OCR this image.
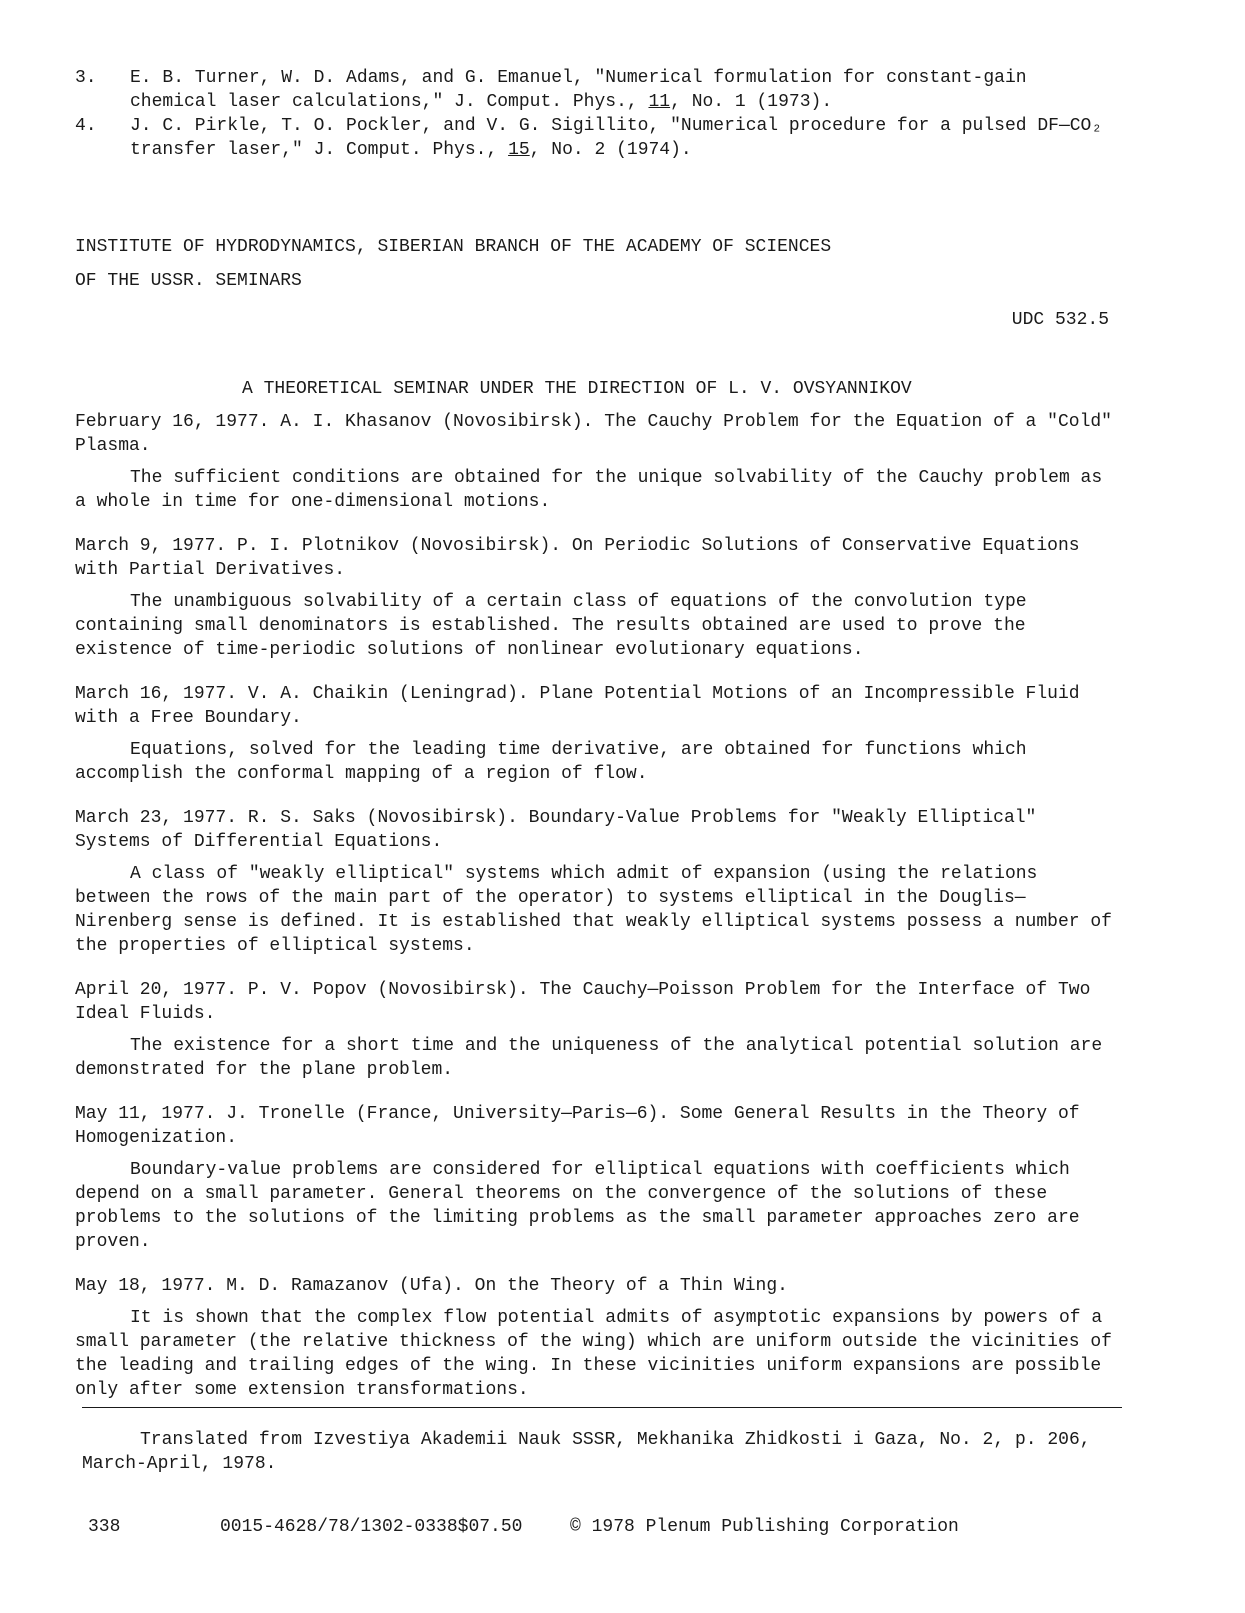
3. E. B. Turner, W. D. Adams, and G. Emanuel, "Numerical formulation for constant-gain chemical laser calculations," J. Comput. Phys., 11, No. 1 (1973).

4. J. C. Pirkle, T. O. Pockler, and V. G. Sigillito, "Numerical procedure for a pulsed DF—CO₂ transfer laser," J. Comput. Phys., 15, No. 2 (1974).

INSTITUTE OF HYDRODYNAMICS, SIBERIAN BRANCH OF THE ACADEMY OF SCIENCES
OF THE USSR. SEMINARS
UDC 532.5
A THEORETICAL SEMINAR UNDER THE DIRECTION OF L. V. OVSYANNIKOV

February 16, 1977. A. I. Khasanov (Novosibirsk). The Cauchy Problem for the Equation of a "Cold" Plasma.

The sufficient conditions are obtained for the unique solvability of the Cauchy problem as a whole in time for one-dimensional motions.

March 9, 1977. P. I. Plotnikov (Novosibirsk). On Periodic Solutions of Conservative Equations with Partial Derivatives.

The unambiguous solvability of a certain class of equations of the convolution type containing small denominators is established. The results obtained are used to prove the existence of time-periodic solutions of nonlinear evolutionary equations.

March 16, 1977. V. A. Chaikin (Leningrad). Plane Potential Motions of an Incompressible Fluid with a Free Boundary.

Equations, solved for the leading time derivative, are obtained for functions which accomplish the conformal mapping of a region of flow.

March 23, 1977. R. S. Saks (Novosibirsk). Boundary-Value Problems for "Weakly Elliptical" Systems of Differential Equations.

A class of "weakly elliptical" systems which admit of expansion (using the relations between the rows of the main part of the operator) to systems elliptical in the Douglis—Nirenberg sense is defined. It is established that weakly elliptical systems possess a number of the properties of elliptical systems.

April 20, 1977. P. V. Popov (Novosibirsk). The Cauchy—Poisson Problem for the Interface of Two Ideal Fluids.

The existence for a short time and the uniqueness of the analytical potential solution are demonstrated for the plane problem.

May 11, 1977. J. Tronelle (France, University—Paris—6). Some General Results in the Theory of Homogenization.

Boundary-value problems are considered for elliptical equations with coefficients which depend on a small parameter. General theorems on the convergence of the solutions of these problems to the solutions of the limiting problems as the small parameter approaches zero are proven.

May 18, 1977. M. D. Ramazanov (Ufa). On the Theory of a Thin Wing.

It is shown that the complex flow potential admits of asymptotic expansions by powers of a small parameter (the relative thickness of the wing) which are uniform outside the vicinities of the leading and trailing edges of the wing. In these vicinities uniform expansions are possible only after some extension transformations.

Translated from Izvestiya Akademii Nauk SSSR, Mekhanika Zhidkosti i Gaza, No. 2, p. 206, March-April, 1978.

338	0015-4628/78/1302-0338$07.50	© 1978 Plenum Publishing Corporation
